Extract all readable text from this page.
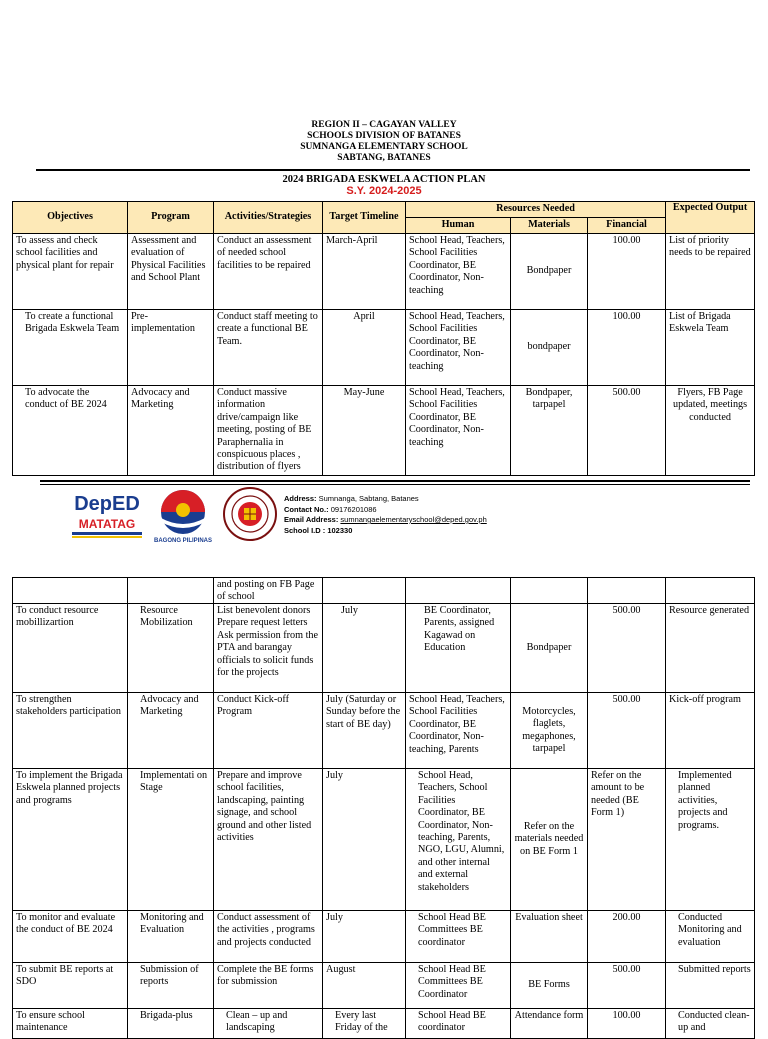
REGION II – CAGAYAN VALLEY
SCHOOLS DIVISION OF BATANES
SUMNANGA ELEMENTARY SCHOOL
SABTANG, BATANES
2024 BRIGADA ESKWELA ACTION PLAN
S.Y. 2024-2025
Objectives	Program	Activities/Strategies	Target Timeline	Resources Needed			Expected Output
				Human	Materials	Financial	
To assess and check school facilities and physical plant for repair	Assessment and evaluation of Physical Facilities and School Plant	Conduct an assessment of needed school facilities to be repaired	March-April	School Head, Teachers, School Facilities Coordinator, BE Coordinator, Non-teaching	Bondpaper	100.00	List of priority needs to be repaired
To create a functional Brigada Eskwela Team	Pre-implementation	Conduct staff meeting to create a functional BE Team.	April	School Head, Teachers, School Facilities Coordinator, BE Coordinator, Non-teaching	bondpaper	100.00	List of Brigada Eskwela Team
To advocate the conduct of BE 2024	Advocacy and Marketing	Conduct massive information drive/campaign like meeting, posting of BE Paraphernalia in conspicuous places , distribution of flyers	May-June	School Head, Teachers, School Facilities Coordinator, BE Coordinator, Non-teaching	Bondpaper, tarpapel	500.00	Flyers, FB Page updated, meetings conducted
DepED
MATATAG
BAGONG PILIPINAS
Address: Sumnanga, Sabtang, Batanes
Contact No.: 09176201086
Email Address: sumnangaelementaryschool@deped.gov.ph
School I.D : 102330
		and posting on FB Page of school					
To conduct resource mobillizartion	Resource Mobilization	List benevolent donors Prepare request letters Ask permission from the PTA and barangay officials to solicit funds for the projects	July	BE Coordinator, Parents, assigned Kagawad on Education	Bondpaper	500.00	Resource generated
To strengthen stakeholders participation	Advocacy and Marketing	Conduct Kick-off Program	July (Saturday or Sunday before the start of BE day)	School Head, Teachers, School Facilities Coordinator, BE Coordinator, Non-teaching, Parents	Motorcycles, flaglets, megaphones, tarpapel	500.00	Kick-off program
To implement the Brigada Eskwela planned projects and programs	Implementati on Stage	Prepare and improve school facilities, landscaping, painting signage, and school ground and other listed activities	July	School Head, Teachers, School Facilities Coordinator, BE Coordinator, Non-teaching, Parents, NGO, LGU, Alumni, and other internal and external stakeholders	Refer on the materials needed on BE Form 1	Refer on the amount to be needed (BE Form 1)	Implemented planned activities, projects and programs.
To monitor and evaluate the conduct of BE 2024	Monitoring and Evaluation	Conduct assessment of the activities , programs and projects conducted	July	School Head BE Committees BE coordinator	Evaluation sheet	200.00	Conducted Monitoring and evaluation
To submit BE reports at SDO	Submission of reports	Complete the BE forms for submission	August	School Head BE Committees BE Coordinator	BE Forms	500.00	Submitted reports
To ensure school maintenance	Brigada-plus	Clean – up and landscaping	Every last Friday of the	School Head BE coordinator	Attendance form	100.00	Conducted clean-up and
